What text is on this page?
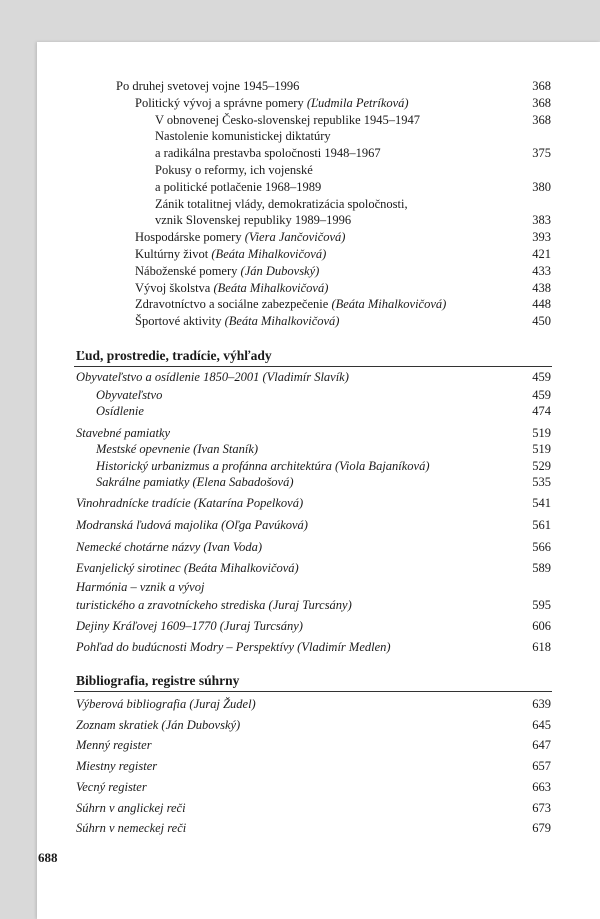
Po druhej svetovej vojne 1945–1996	368
Politický vývoj a správne pomery (Ľudmila Petríková)	368
V obnovenej Česko-slovenskej republike 1945–1947	368
Nastolenie komunistickej diktatúry
a radikálna prestavba spoločnosti 1948–1967	375
Pokusy o reformy, ich vojenské
a politické potlačenie 1968–1989	380
Zánik totalitnej vlády, demokratizácia spoločnosti,
vznik Slovenskej republiky 1989–1996	383
Hospodárske pomery (Viera Jančovičová)	393
Kultúrny život (Beáta Mihalkovičová)	421
Náboženské pomery (Ján Dubovský)	433
Vývoj školstva (Beáta Mihalkovičová)	438
Zdravotníctvo a sociálne zabezpečenie (Beáta Mihalkovičová)	448
Športové aktivity (Beáta Mihalkovičová)	450
Ľud, prostredie, tradície, výhľady
Obyvateľstvo a osídlenie 1850–2001 (Vladimír Slavík)	459
Obyvateľstvo	459
Osídlenie	474
Stavebné pamiatky	519
Mestské opevnenie (Ivan Staník)	519
Historický urbanizmus a profánna architektúra (Viola Bajaníková)	529
Sakrálne pamiatky (Elena Sabadošová)	535
Vinohradnícke tradície (Katarína Popelková)	541
Modranská ľudová majolika (Oľga Pavúková)	561
Nemecké chotárne názvy (Ivan Voda)	566
Evanjelický sirotinec (Beáta Mihalkovičová)	589
Harmónia – vznik a vývoj
turistického a zravotníckeho strediska (Juraj Turcsány)	595
Dejiny Kráľovej 1609–1770 (Juraj Turcsány)	606
Pohľad do budúcnosti Modry – Perspektívy (Vladimír Medlen)	618
Bibliografia, registre súhrny
Výberová bibliografia (Juraj Žudel)	639
Zoznam skratiek (Ján Dubovský)	645
Menný register	647
Miestny register	657
Vecný register	663
Súhrn v anglickej reči	673
Súhrn v nemeckej reči	679
688
